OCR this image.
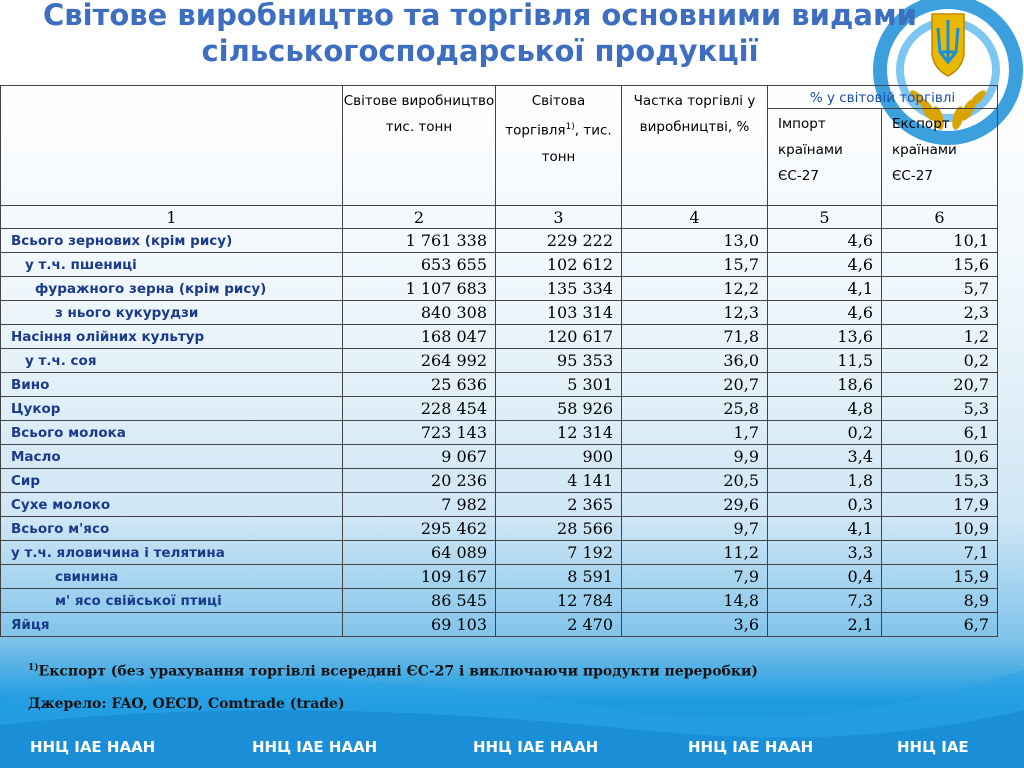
Світове виробництво та торгівля основними видами
сільськогосподарської продукції
	Світове виробництво тис. тонн	Світова торгівля$^{1)}$, тис. тонн	Частка торгівлі у виробництві, %	% у світовій торгівлі	
				Імпорт країнами ЄС-27	Експорт країнами ЄС-27
1	2	3	4	5	6
Всього зернових (крім рису)	1 761 338	229 222	13,0	4,6	10,1
у т.ч. пшениці	653 655	102 612	15,7	4,6	15,6
фуражного зерна (крім рису)	1 107 683	135 334	12,2	4,1	5,7
з нього кукурудзи	840 308	103 314	12,3	4,6	2,3
Насіння олійних культур	168 047	120 617	71,8	13,6	1,2
у т.ч. соя	264 992	95 353	36,0	11,5	0,2
Вино	25 636	5 301	20,7	18,6	20,7
Цукор	228 454	58 926	25,8	4,8	5,3
Всього молока	723 143	12 314	1,7	0,2	6,1
Масло	9 067	900	9,9	3,4	10,6
Сир	20 236	4 141	20,5	1,8	15,3
Сухе молоко	7 982	2 365	29,6	0,3	17,9
Всього м'ясо	295 462	28 566	9,7	4,1	10,9
у т.ч. яловичина і телятина	64 089	7 192	11,2	3,3	7,1
свинина	109 167	8 591	7,9	0,4	15,9
м' ясо свійської птиці	86 545	12 784	14,8	7,3	8,9
Яйця	69 103	2 470	3,6	2,1	6,7
$^{1)}$Експорт (без урахування торгівлі всередині ЄС-27 і виключаючи продукти переробки)
Джерело: FAO, OECD, Comtrade (trade)
ННЦ ІАЕ НААН	ННЦ ІАЕ НААН	ННЦ ІАЕ НААН	ННЦ ІАЕ НААН	ННЦ ІАЕ
